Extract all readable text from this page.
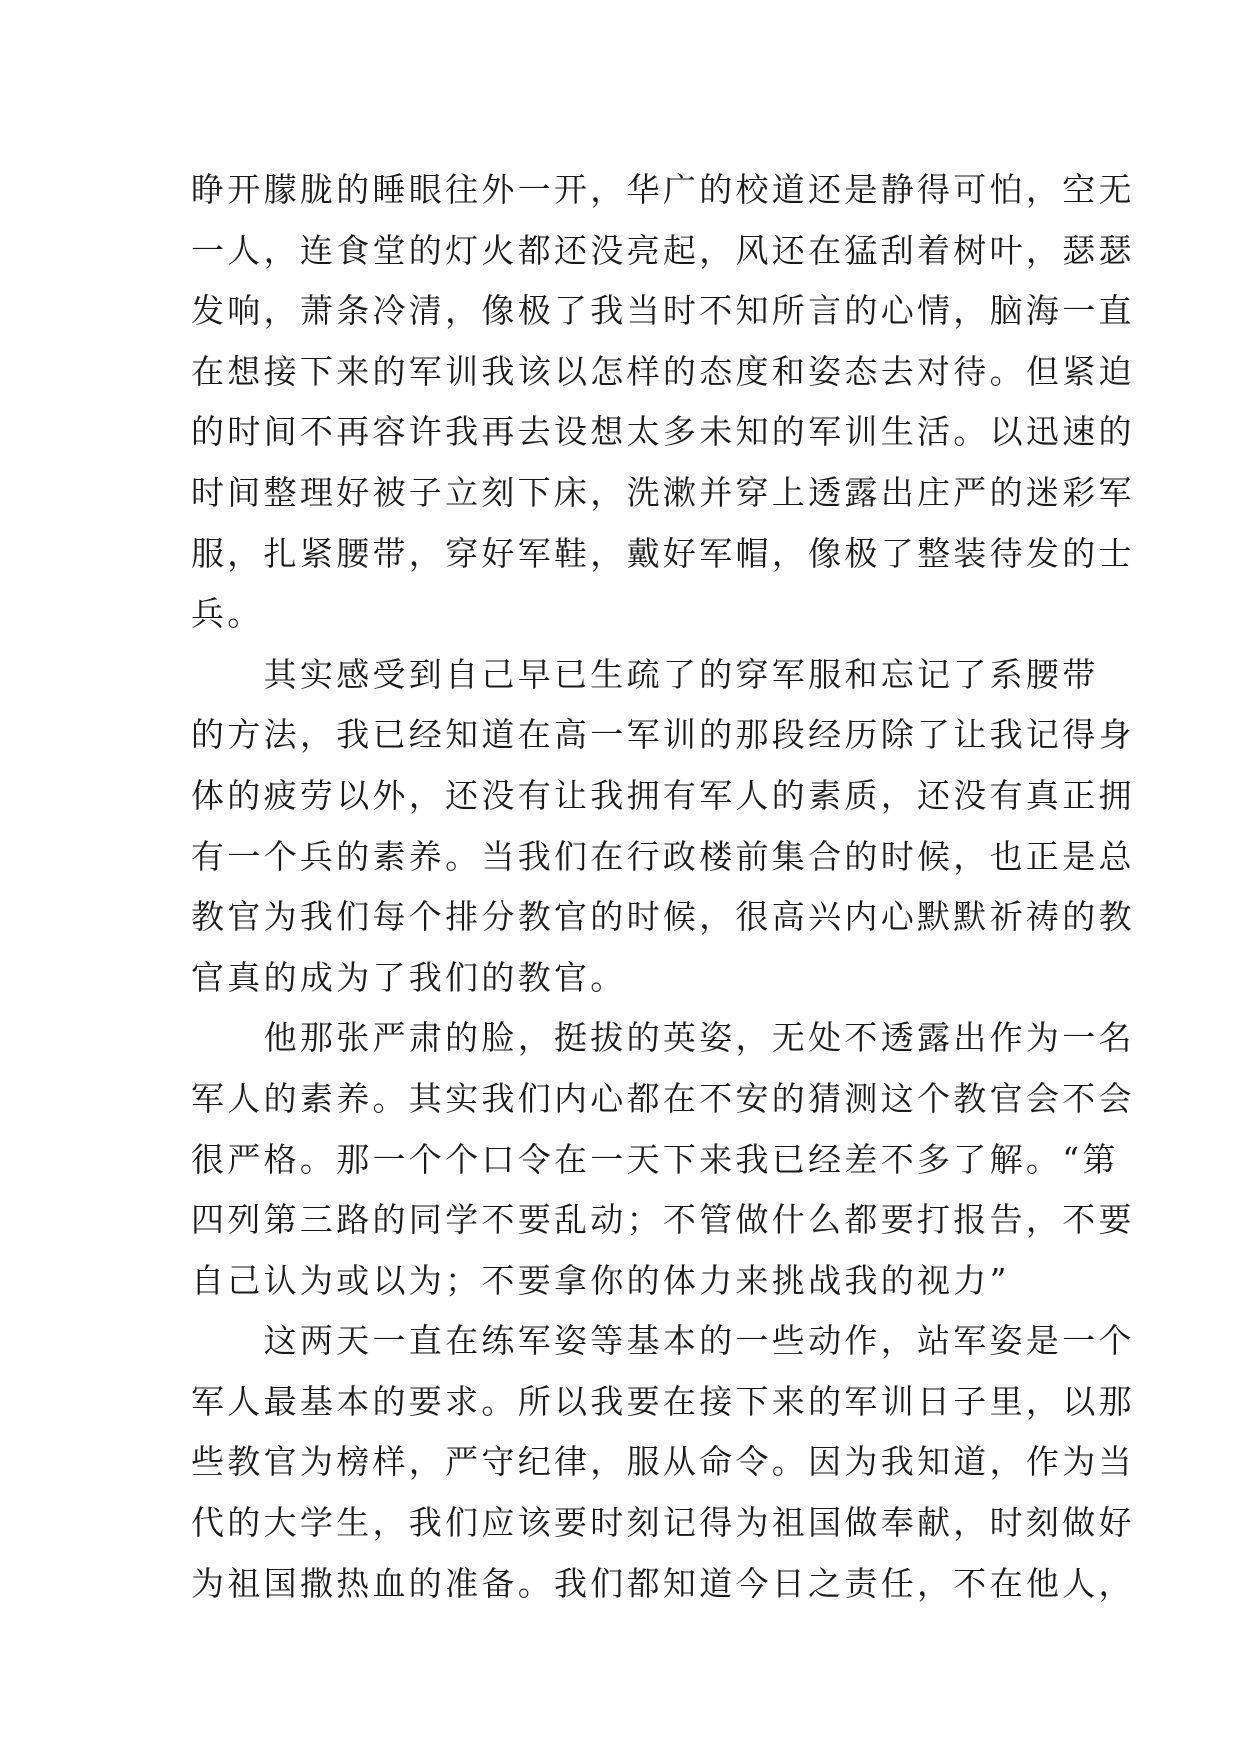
睁开朦胧的睡眼往外一开，华广的校道还是静得可怕，空无
一人，连食堂的灯火都还没亮起，风还在猛刮着树叶，瑟瑟
发响，萧条冷清，像极了我当时不知所言的心情，脑海一直
在想接下来的军训我该以怎样的态度和姿态去对待。但紧迫
的时间不再容许我再去设想太多未知的军训生活。以迅速的
时间整理好被子立刻下床，洗漱并穿上透露出庄严的迷彩军
服，扎紧腰带，穿好军鞋，戴好军帽，像极了整装待发的士
兵。
　　其实感受到自己早已生疏了的穿军服和忘记了系腰带
的方法，我已经知道在高一军训的那段经历除了让我记得身
体的疲劳以外，还没有让我拥有军人的素质，还没有真正拥
有一个兵的素养。当我们在行政楼前集合的时候，也正是总
教官为我们每个排分教官的时候，很高兴内心默默祈祷的教
官真的成为了我们的教官。
　　他那张严肃的脸，挺拔的英姿，无处不透露出作为一名
军人的素养。其实我们内心都在不安的猜测这个教官会不会
很严格。那一个个口令在一天下来我已经差不多了解。“第
四列第三路的同学不要乱动；不管做什么都要打报告，不要
自己认为或以为；不要拿你的体力来挑战我的视力”
　　这两天一直在练军姿等基本的一些动作，站军姿是一个
军人最基本的要求。所以我要在接下来的军训日子里，以那
些教官为榜样，严守纪律，服从命令。因为我知道，作为当
代的大学生，我们应该要时刻记得为祖国做奉献，时刻做好
为祖国撒热血的准备。我们都知道今日之责任，不在他人，
